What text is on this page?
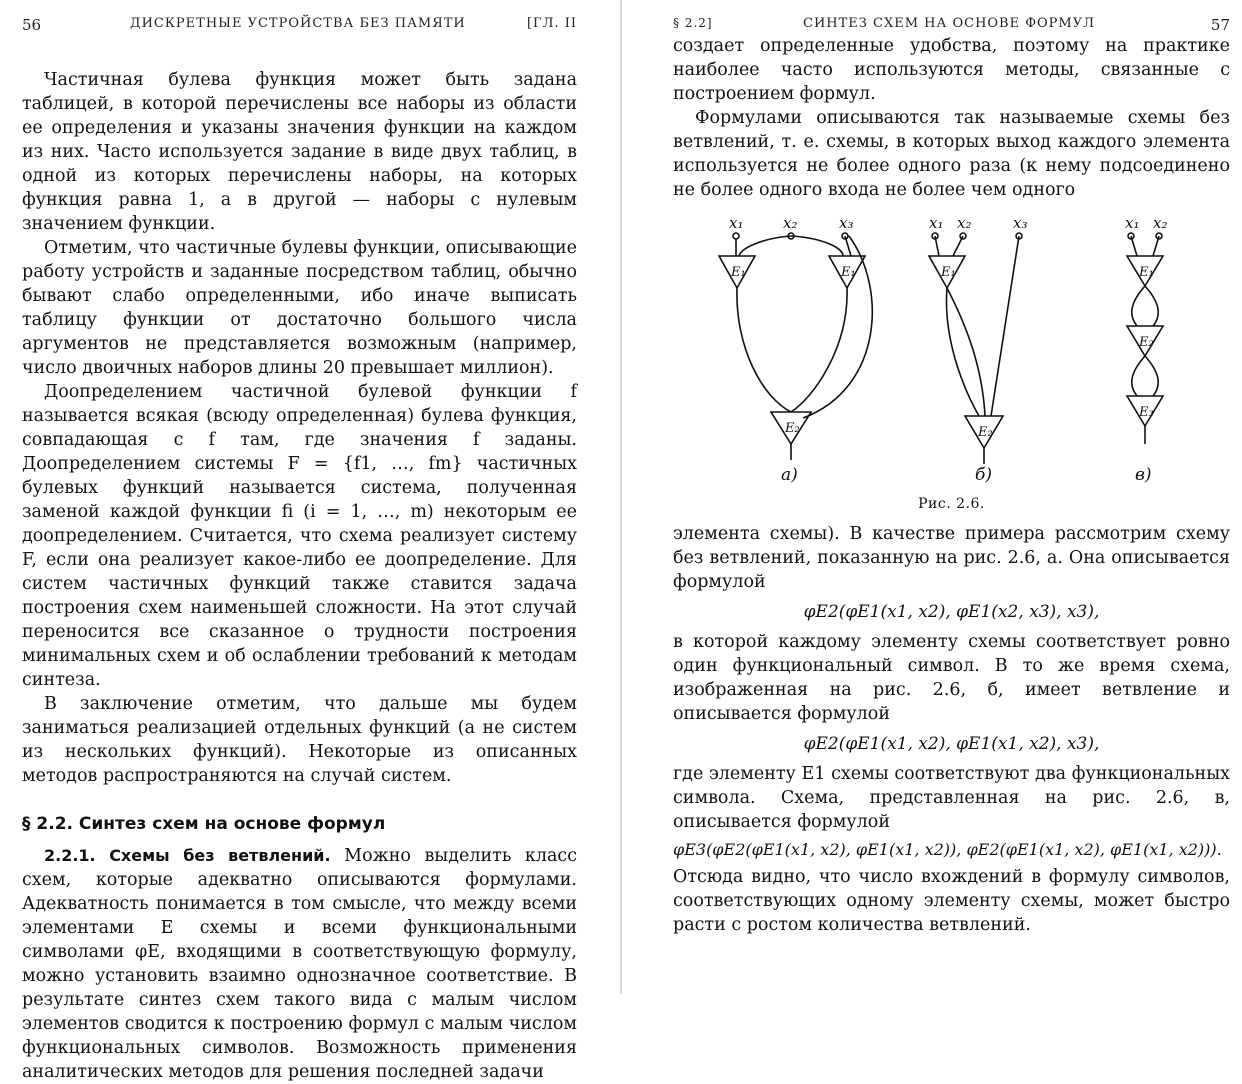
56	ДИСКРЕТНЫЕ УСТРОЙСТВА БЕЗ ПАМЯТИ	[ГЛ. II

Частичная булева функция может быть задана таблицей, в которой перечислены все наборы из области ее определения и указаны значения функции на каждом из них. Часто используется задание в виде двух таблиц, в одной из которых перечислены наборы, на которых функция равна 1, а в другой — наборы с нулевым значением функции.

Отметим, что частичные булевы функции, описывающие работу устройств и заданные посредством таблиц, обычно бывают слабо определенными, ибо иначе выписать таблицу функции от достаточно большого числа аргументов не представляется возможным (например, число двоичных наборов длины 20 превышает миллион).

Доопределением частичной булевой функции f называется всякая (всюду определенная) булева функция, совпадающая с f там, где значения f заданы. Доопределением системы F = {f1, …, fm} частичных булевых функций называется система, полученная заменой каждой функции fi (i = 1, …, m) некоторым ее доопределением. Считается, что схема реализует систему F, если она реализует какое-либо ее доопределение. Для систем частичных функций также ставится задача построения схем наименьшей сложности. На этот случай переносится все сказанное о трудности построения минимальных схем и об ослаблении требований к методам синтеза.

В заключение отметим, что дальше мы будем заниматься реализацией отдельных функций (а не систем из нескольких функций). Некоторые из описанных методов распространяются на случай систем.

§ 2.2. Синтез схем на основе формул

2.2.1. Схемы без ветвлений. Можно выделить класс схем, которые адекватно описываются формулами. Адекватность понимается в том смысле, что между всеми элементами E схемы и всеми функциональными символами φE, входящими в соответствующую формулу, можно установить взаимно однозначное соответствие. В результате синтез схем такого вида с малым числом элементов сводится к построению формул с малым числом функциональных символов. Возможность применения аналитических методов для решения последней задачи

§ 2.2]	СИНТЕЗ СХЕМ НА ОСНОВЕ ФОРМУЛ	57

создает определенные удобства, поэтому на практике наиболее часто используются методы, связанные с построением формул.

Формулами описываются так называемые схемы без ветвлений, т. е. схемы, в которых выход каждого элемента используется не более одного раза (к нему подсоединено не более одного входа не более чем одного

x₁	x₂	x₃
E₁	E₁
E₂
x₁ x₂	x₃
E₁
E₂
x₁ x₂
E₁
E₂
E₃
а)	б)	в)
Рис. 2.6.

элемента схемы). В качестве примера рассмотрим схему без ветвлений, показанную на рис. 2.6, а. Она описывается формулой

φE2(φE1(x1, x2), φE1(x2, x3), x3),

в которой каждому элементу схемы соответствует ровно один функциональный символ. В то же время схема, изображенная на рис. 2.6, б, имеет ветвление и описывается формулой

φE2(φE1(x1, x2), φE1(x1, x2), x3),

где элементу E1 схемы соответствуют два функциональных символа. Схема, представленная на рис. 2.6, в, описывается формулой

φE3(φE2(φE1(x1, x2), φE1(x1, x2)), φE2(φE1(x1, x2), φE1(x1, x2))).

Отсюда видно, что число вхождений в формулу символов, соответствующих одному элементу схемы, может быстро расти с ростом количества ветвлений.
